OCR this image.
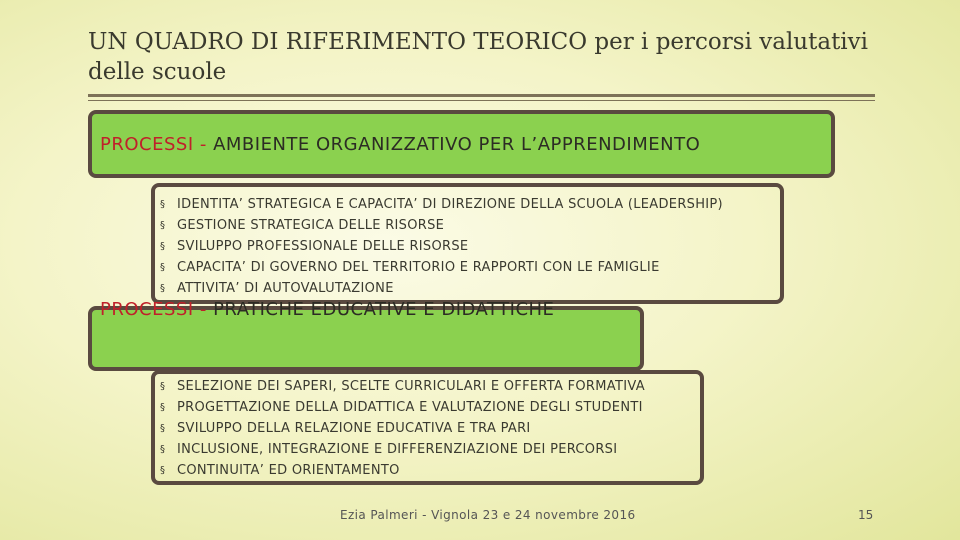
UN QUADRO DI RIFERIMENTO TEORICO per i percorsi valutativi delle scuole
PROCESSI - AMBIENTE ORGANIZZATIVO PER L’APPRENDIMENTO
§ IDENTITA’ STRATEGICA E CAPACITA’ DI DIREZIONE DELLA SCUOLA (LEADERSHIP)
§ GESTIONE STRATEGICA DELLE RISORSE
§ SVILUPPO PROFESSIONALE DELLE RISORSE
§ CAPACITA’ DI GOVERNO DEL TERRITORIO E RAPPORTI CON LE FAMIGLIE
§ ATTIVITA’ DI AUTOVALUTAZIONE
PROCESSI - PRATICHE EDUCATIVE E DIDATTICHE
§ SELEZIONE DEI SAPERI, SCELTE CURRICULARI E OFFERTA FORMATIVA
§ PROGETTAZIONE DELLA DIDATTICA E VALUTAZIONE DEGLI STUDENTI
§ SVILUPPO DELLA RELAZIONE EDUCATIVA E TRA PARI
§ INCLUSIONE, INTEGRAZIONE E DIFFERENZIAZIONE DEI PERCORSI
§ CONTINUITA’ ED ORIENTAMENTO
Ezia Palmeri - Vignola 23 e 24 novembre 2016	15
